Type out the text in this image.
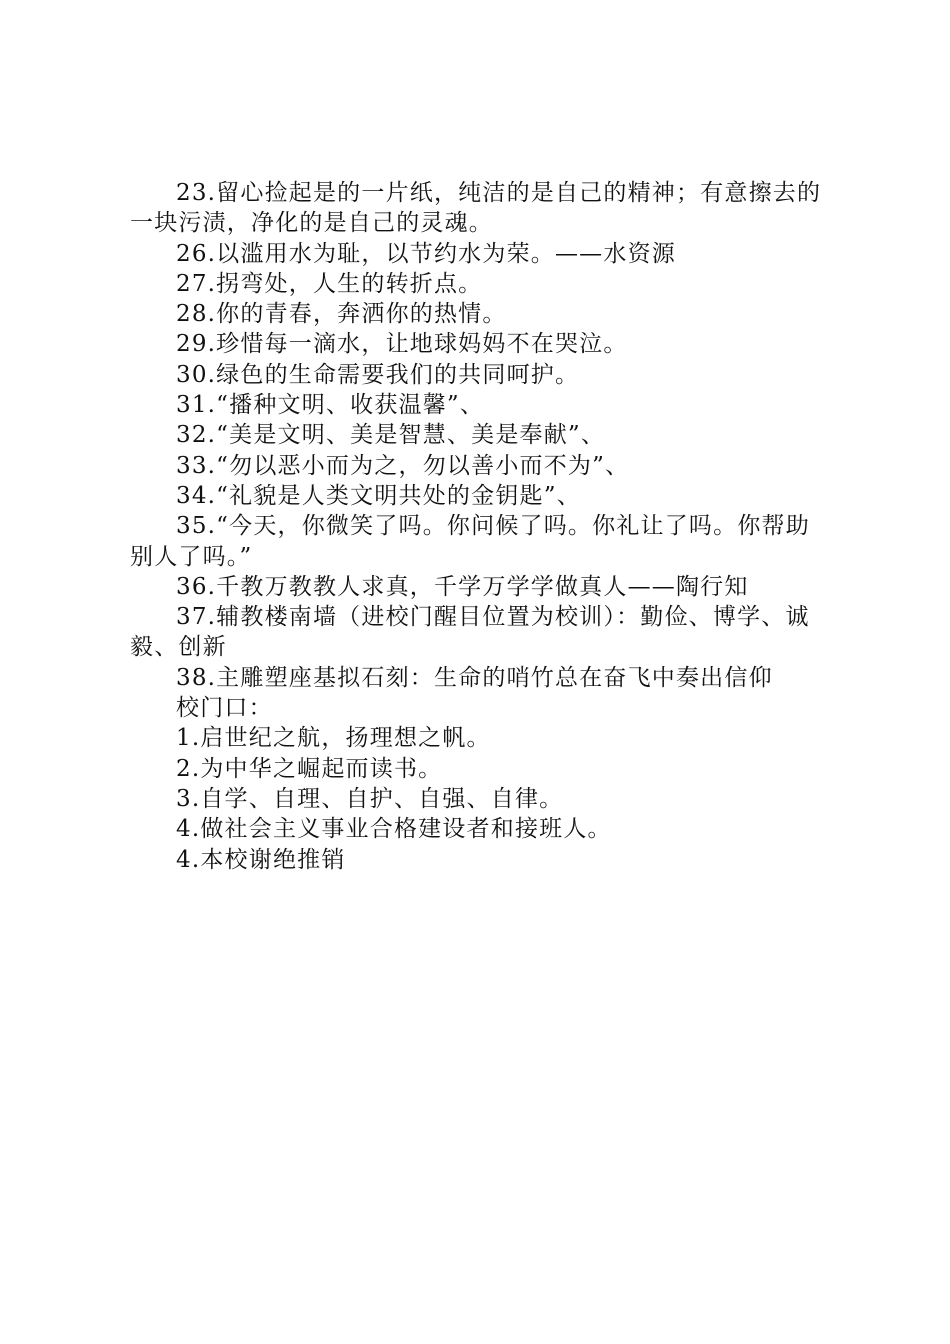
23.留心捡起是的一片纸，纯洁的是自己的精神；有意擦去的一块污渍，净化的是自己的灵魂。

26.以滥用水为耻，以节约水为荣。——水资源

27.拐弯处，人生的转折点。

28.你的青春，奔洒你的热情。

29.珍惜每一滴水，让地球妈妈不在哭泣。

30.绿色的生命需要我们的共同呵护。

31.“播种文明、收获温馨”、

32.“美是文明、美是智慧、美是奉献”、

33.“勿以恶小而为之，勿以善小而不为”、

34.“礼貌是人类文明共处的金钥匙”、

35.“今天，你微笑了吗。你问候了吗。你礼让了吗。你帮助别人了吗。”

36.千教万教教人求真，千学万学学做真人——陶行知

37.辅教楼南墙（进校门醒目位置为校训）：勤俭、博学、诚毅、创新

38.主雕塑座基拟石刻：生命的哨竹总在奋飞中奏出信仰

校门口：

1.启世纪之航，扬理想之帆。

2.为中华之崛起而读书。

3.自学、自理、自护、自强、自律。

4.做社会主义事业合格建设者和接班人。

4.本校谢绝推销
